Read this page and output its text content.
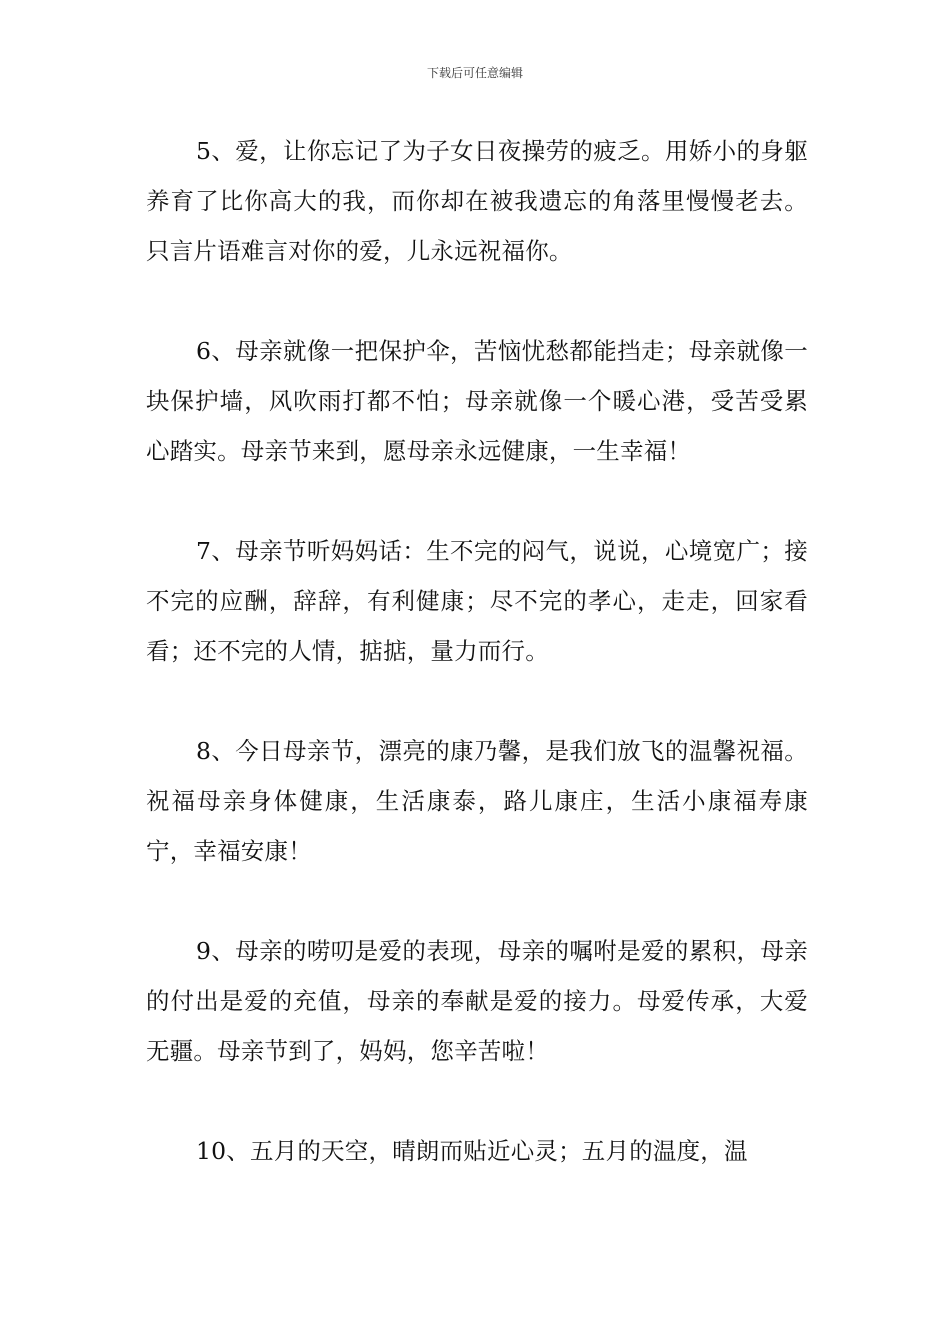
下载后可任意编辑

5、爱，让你忘记了为子女日夜操劳的疲乏。用娇小的身躯养育了比你高大的我，而你却在被我遗忘的角落里慢慢老去。只言片语难言对你的爱，儿永远祝福你。

6、母亲就像一把保护伞，苦恼忧愁都能挡走；母亲就像一块保护墙，风吹雨打都不怕；母亲就像一个暖心港，受苦受累心踏实。母亲节来到，愿母亲永远健康，一生幸福！

7、母亲节听妈妈话：生不完的闷气，说说，心境宽广；接不完的应酬，辞辞，有利健康；尽不完的孝心，走走，回家看看；还不完的人情，掂掂，量力而行。

8、今日母亲节，漂亮的康乃馨，是我们放飞的温馨祝福。祝福母亲身体健康，生活康泰，路儿康庄，生活小康福寿康宁，幸福安康！

9、母亲的唠叨是爱的表现，母亲的嘱咐是爱的累积，母亲的付出是爱的充值，母亲的奉献是爱的接力。母爱传承，大爱无疆。母亲节到了，妈妈，您辛苦啦！

10、五月的天空，晴朗而贴近心灵；五月的温度，温
